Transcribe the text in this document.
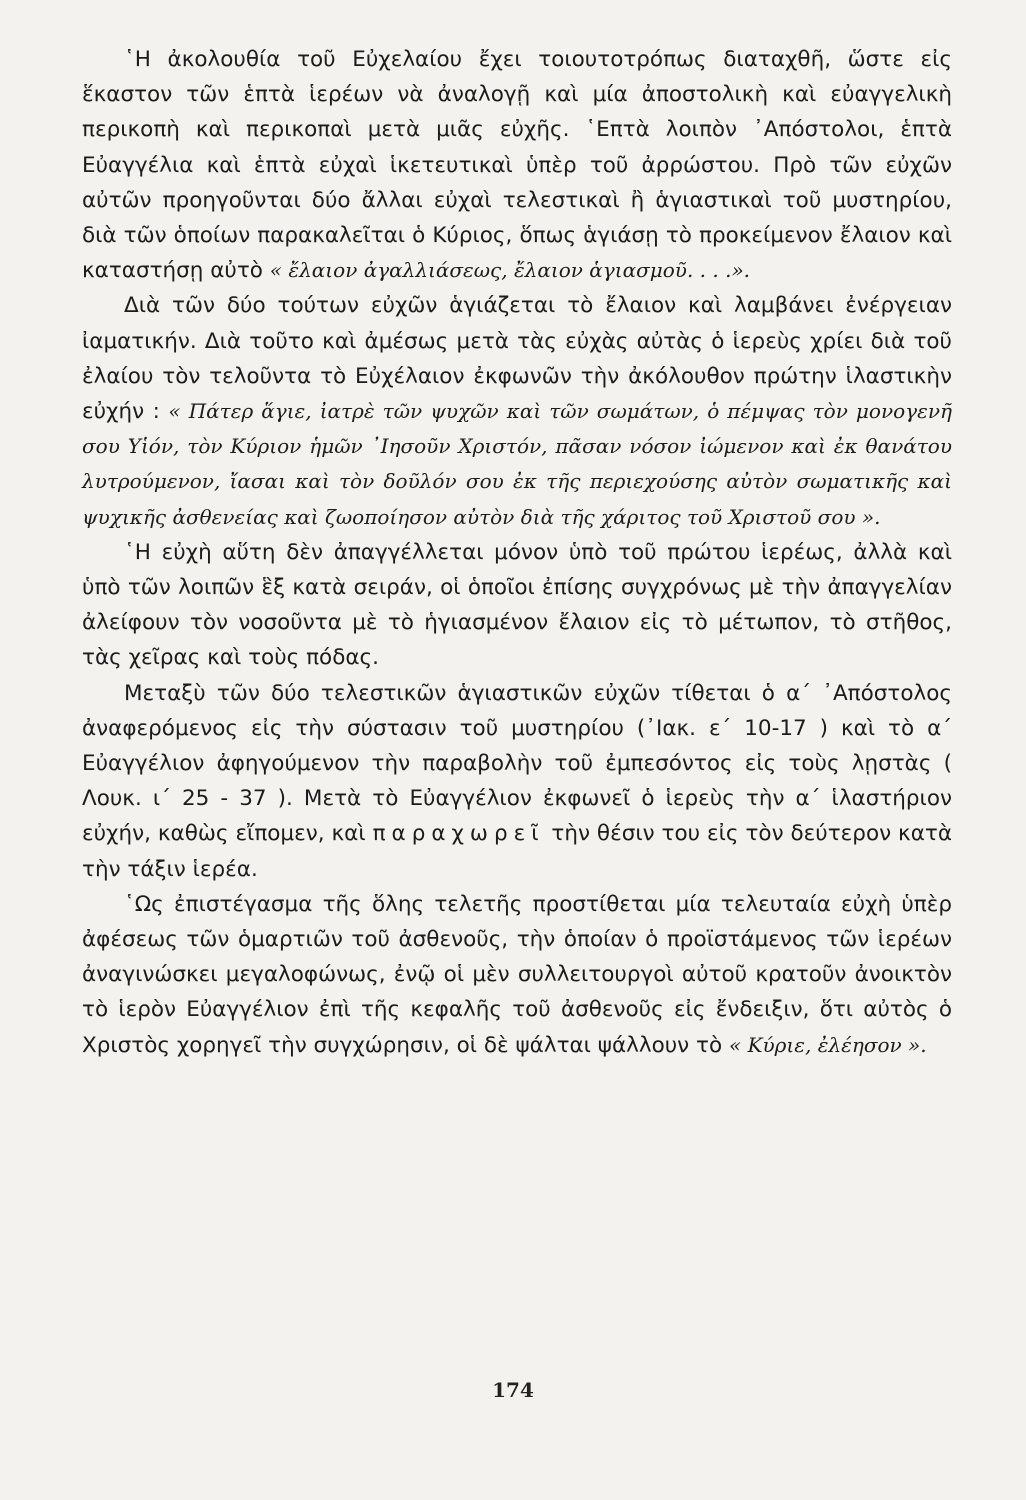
῾Η ἀκολουθία τοῦ Εὐχελαίου ἔχει τοιουτοτρόπως διαταχθῆ, ὥστε εἰς ἕκαστον τῶν ἑπτὰ ἱερέων νὰ ἀναλογῇ καὶ μία ἀποστολικὴ καὶ εὐαγγελικὴ περικοπὴ καὶ περικοπαὶ μετὰ μιᾶς εὐχῆς. ῾Επτὰ λοιπὸν ᾿Απόστολοι, ἑπτὰ Εὐαγγέλια καὶ ἑπτὰ εὐχαὶ ἱκετευτικαὶ ὑπὲρ τοῦ ἀρρώστου. Πρὸ τῶν εὐχῶν αὐτῶν προηγοῦνται δύο ἄλλαι εὐχαὶ τελεστικαὶ ἢ ἁγιαστικαὶ τοῦ μυστηρίου, διὰ τῶν ὁποίων παρακαλεῖται ὁ Κύριος, ὅπως ἁγιάσῃ τὸ προκείμενον ἔλαιον καὶ καταστήσῃ αὐτὸ « ἔλαιον ἀγαλλιάσεως, ἔλαιον ἁγιασμοῦ. . . .».

Διὰ τῶν δύο τούτων εὐχῶν ἁγιάζεται τὸ ἔλαιον καὶ λαμβάνει ἐνέργειαν ἰαματικήν. Διὰ τοῦτο καὶ ἀμέσως μετὰ τὰς εὐχὰς αὐτὰς ὁ ἱερεὺς χρίει διὰ τοῦ ἐλαίου τὸν τελοῦντα τὸ Εὐχέλαιον ἐκφωνῶν τὴν ἀκόλουθον πρώτην ἱλαστικὴν εὐχήν : « Πάτερ ἅγιε, ἰατρὲ τῶν ψυχῶν καὶ τῶν σωμάτων, ὁ πέμψας τὸν μονογενῆ σου Υἱόν, τὸν Κύριον ἡμῶν ᾿Ιησοῦν Χριστόν, πᾶσαν νόσον ἰώμενον καὶ ἐκ θανάτου λυτρούμενον, ἴασαι καὶ τὸν δοῦλόν σου ἐκ τῆς περιεχούσης αὐτὸν σωματικῆς καὶ ψυχικῆς ἀσθενείας καὶ ζωοποίησον αὐτὸν διὰ τῆς χάριτος τοῦ Χριστοῦ σου ».

῾Η εὐχὴ αὕτη δὲν ἀπαγγέλλεται μόνον ὑπὸ τοῦ πρώτου ἱερέως, ἀλλὰ καὶ ὑπὸ τῶν λοιπῶν ἓξ κατὰ σειράν, οἱ ὁποῖοι ἐπίσης συγχρόνως μὲ τὴν ἀπαγγελίαν ἀλείφουν τὸν νοσοῦντα μὲ τὸ ἡγιασμένον ἔλαιον εἰς τὸ μέτωπον, τὸ στῆθος, τὰς χεῖρας καὶ τοὺς πόδας.

Μεταξὺ τῶν δύο τελεστικῶν ἁγιαστικῶν εὐχῶν τίθεται ὁ α΄ ᾿Απόστολος ἀναφερόμενος εἰς τὴν σύστασιν τοῦ μυστηρίου (᾿Ιακ. ε΄ 10-17 ) καὶ τὸ α΄ Εὐαγγέλιον ἀφηγούμενον τὴν παραβολὴν τοῦ ἐμπεσόντος εἰς τοὺς λῃστὰς ( Λουκ. ι΄ 25 - 37 ). Μετὰ τὸ Εὐαγγέλιον ἐκφωνεῖ ὁ ἱερεὺς τὴν α΄ ἱλαστήριον εὐχήν, καθὼς εἴπομεν, καὶ παραχωρεῖ τὴν θέσιν του εἰς τὸν δεύτερον κατὰ τὴν τάξιν ἱερέα.

῾Ως ἐπιστέγασμα τῆς ὅλης τελετῆς προστίθεται μία τελευταία εὐχὴ ὑπὲρ ἀφέσεως τῶν ὁμαρτιῶν τοῦ ἀσθενοῦς, τὴν ὁποίαν ὁ προϊστάμενος τῶν ἱερέων ἀναγινώσκει μεγαλοφώνως, ἐνῷ οἱ μὲν συλλειτουργοὶ αὐτοῦ κρατοῦν ἀνοικτὸν τὸ ἱερὸν Εὐαγγέλιον ἐπὶ τῆς κεφαλῆς τοῦ ἀσθενοῦς εἰς ἔνδειξιν, ὅτι αὐτὸς ὁ Χριστὸς χορηγεῖ τὴν συγχώρησιν, οἱ δὲ ψάλται ψάλλουν τὸ « Κύριε, ἐλέησον ».

174
